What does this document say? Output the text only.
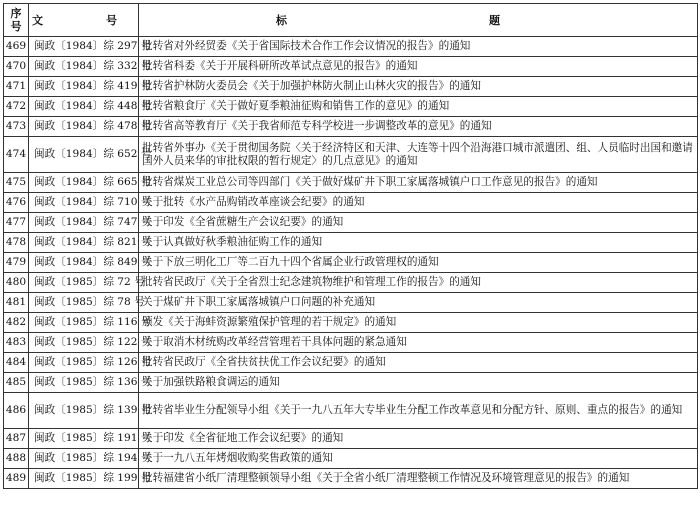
序
号	文　号	标　　题
469	闽政〔1984〕综 297 号	批转省对外经贸委《关于省国际技术合作工作会议情况的报告》的通知
470	闽政〔1984〕综 332 号	批转省科委《关于开展科研所改革试点意见的报告》的通知
471	闽政〔1984〕综 419 号	批转省护林防火委员会《关于加强护林防火制止山林火灾的报告》的通知
472	闽政〔1984〕综 448 号	批转省粮食厅《关于做好夏季粮油征购和销售工作的意见》的通知
473	闽政〔1984〕综 478 号	批转省高等教育厅《关于我省师范专科学校进一步调整改革的意见》的通知
474	闽政〔1984〕综 652 号	批转省外事办《关于贯彻国务院〈关于经济特区和天津、大连等十四个沿海港口城市派遣团、组、人员临时出国和邀请国外人员来华的审批权限的暂行规定〉的几点意见》的通知
475	闽政〔1984〕综 665 号	批转省煤炭工业总公司等四部门《关于做好煤矿井下职工家属落城镇户口工作意见的报告》的通知
476	闽政〔1984〕综 710 号	关于批转《水产品购销改革座谈会纪要》的通知
477	闽政〔1984〕综 747 号	关于印发《全省蔗糖生产会议纪要》的通知
478	闽政〔1984〕综 821 号	关于认真做好秋季粮油征购工作的通知
479	闽政〔1984〕综 849 号	关于下放三明化工厂等二百九十四个省属企业行政管理权的通知
480	闽政〔1985〕综 72 号	批转省民政厅《关于全省烈士纪念建筑物维护和管理工作的报告》的通知
481	闽政〔1985〕综 78 号	关于煤矿井下职工家属落城镇户口问题的补充通知
482	闽政〔1985〕综 116 号	颁发《关于海蚌资源繁殖保护管理的若干规定》的通知
483	闽政〔1985〕综 122 号	关于取消木材统购改革经营管理若干具体问题的紧急通知
484	闽政〔1985〕综 126 号	批转省民政厅《全省扶贫扶优工作会议纪要》的通知
485	闽政〔1985〕综 136 号	关于加强铁路粮食调运的通知
486	闽政〔1985〕综 139 号	批转省毕业生分配领导小组《关于一九八五年大专毕业生分配工作改革意见和分配方针、原则、重点的报告》的通知
487	闽政〔1985〕综 191 号	关于印发《全省征地工作会议纪要》的通知
488	闽政〔1985〕综 194 号	关于一九八五年烤烟收购奖售政策的通知
489	闽政〔1985〕综 199 号	批转福建省小纸厂清理整顿领导小组《关于全省小纸厂清理整顿工作情况及环境管理意见的报告》的通知
